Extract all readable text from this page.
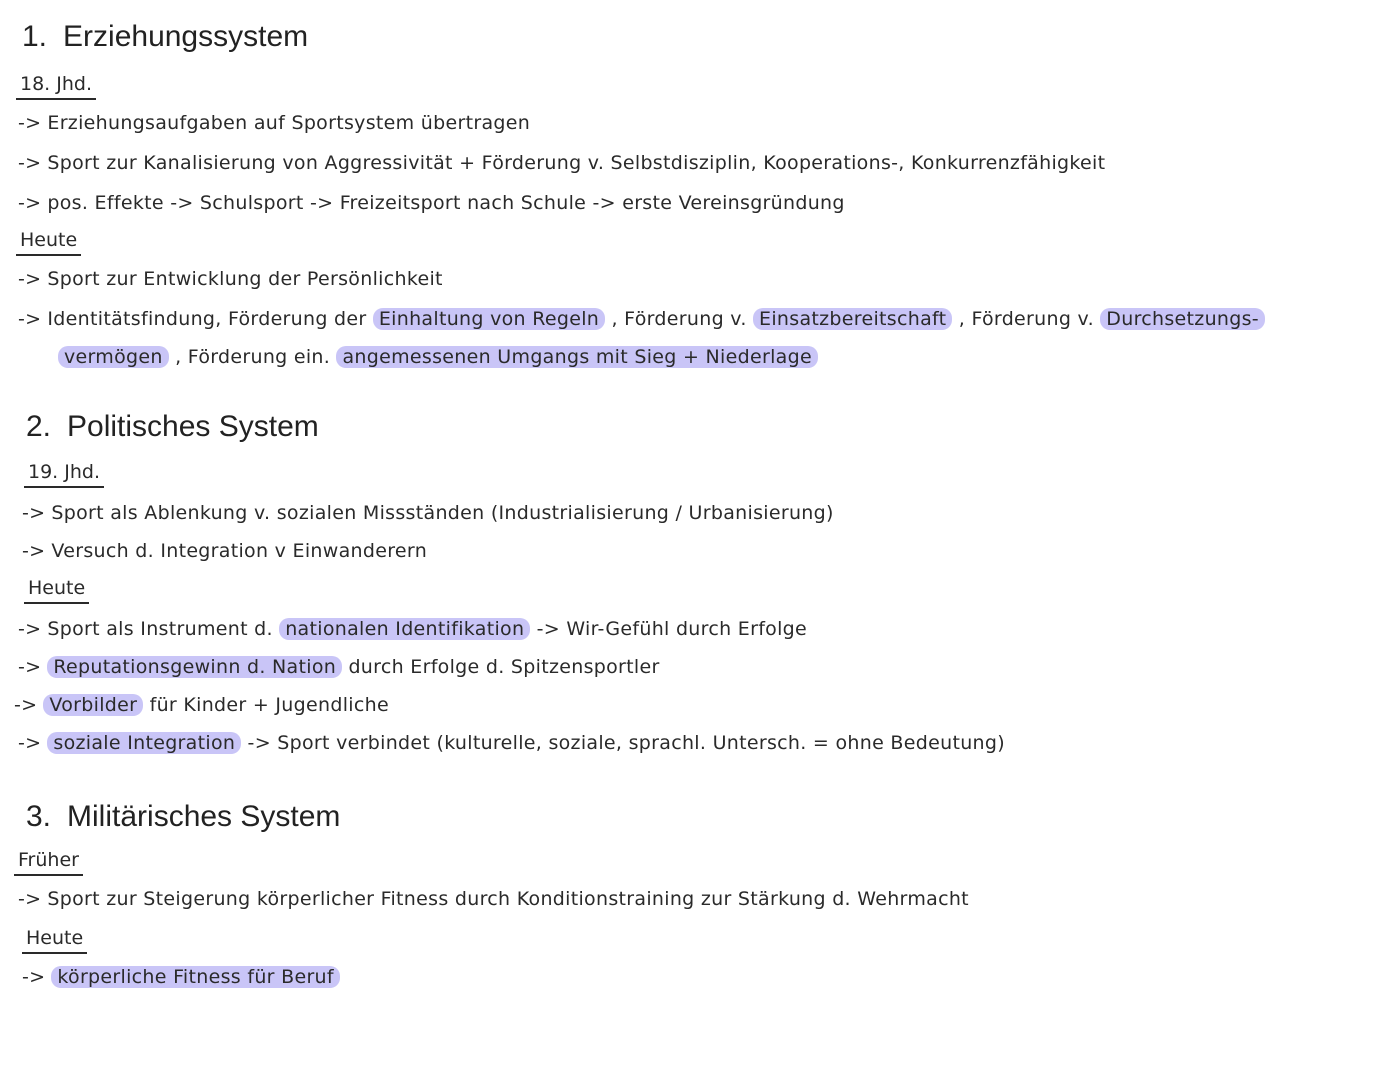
1. Erziehungssystem
18. Jhd.
-> Erziehungsaufgaben auf Sportsystem übertragen
-> Sport zur Kanalisierung von Aggressivität + Förderung v. Selbstdisziplin, Kooperations-, Konkurrenzfähigkeit
-> pos. Effekte -> Schulsport -> Freizeitsport nach Schule -> erste Vereinsgründung
Heute
-> Sport zur Entwicklung der Persönlichkeit
-> Identitätsfindung, Förderung der Einhaltung von Regeln , Förderung v. Einsatzbereitschaft , Förderung v. Durchsetzungs-
vermögen , Förderung ein. angemessenen Umgangs mit Sieg + Niederlage
2. Politisches System
19. Jhd.
-> Sport als Ablenkung v. sozialen Missständen (Industrialisierung / Urbanisierung)
-> Versuch d. Integration v Einwanderern
Heute
-> Sport als Instrument d. nationalen Identifikation -> Wir-Gefühl durch Erfolge
-> Reputationsgewinn d. Nation durch Erfolge d. Spitzensportler
-> Vorbilder für Kinder + Jugendliche
-> soziale Integration -> Sport verbindet (kulturelle, soziale, sprachl. Untersch. = ohne Bedeutung)
3. Militärisches System
Früher
-> Sport zur Steigerung körperlicher Fitness durch Konditionstraining zur Stärkung d. Wehrmacht
Heute
-> körperliche Fitness für Beruf
